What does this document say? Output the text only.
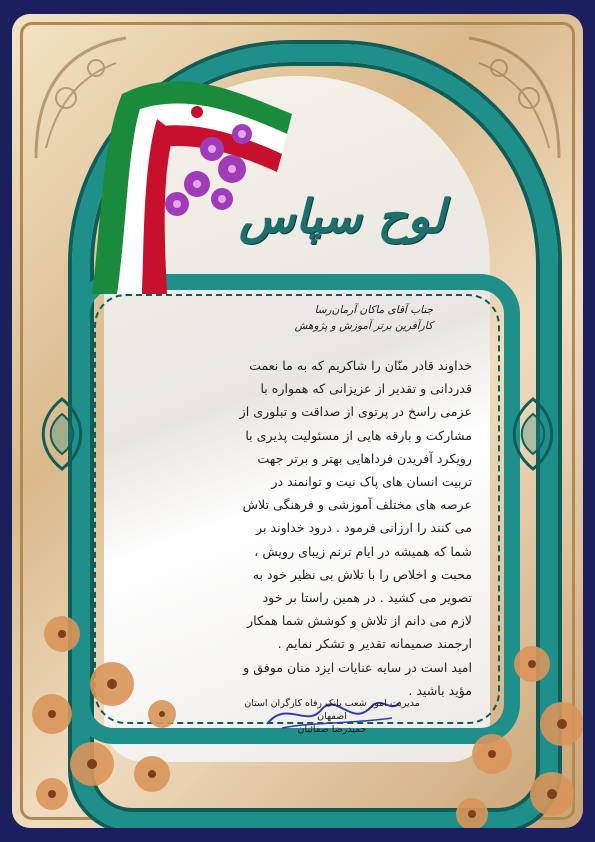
لوح سپاس
جناب آقای ماکان آرمان‌رسا
کارآفرین برتر آموزش و پژوهش

خداوند قادر منّان را شاکریم که به ما نعمت

قدردانی و تقدیر از عزیزانی که همواره با

عزمی راسخ در پرتوی از صداقت و تبلوری از

مشارکت و بارقه هایی از مسئولیت پذیری با

رویکرد آفریدن فرداهایی بهتر و برتر جهت

تربیت انسان های پاک نیت و توانمند در

عرصه های مختلف آموزشی و فرهنگی تلاش

می کنند را ارزانی فرمود . درود خداوند بر

شما که همیشه در ایام ترنم زیبای رویش ،

محبت و اخلاص را با تلاش بی نظیر خود به

تصویر می کشید . در همین راستا بر خود

لازم می دانم از تلاش و کوشش شما همکار

ارجمند صمیمانه تقدیر و تشکر نمایم .

امید است در سایه عنایات ایزد منان موفق و

مؤید باشید .

مدیریت امور شعب بانک رفاه کارگران استان اصفهان
حمیدرضا صفائیان
